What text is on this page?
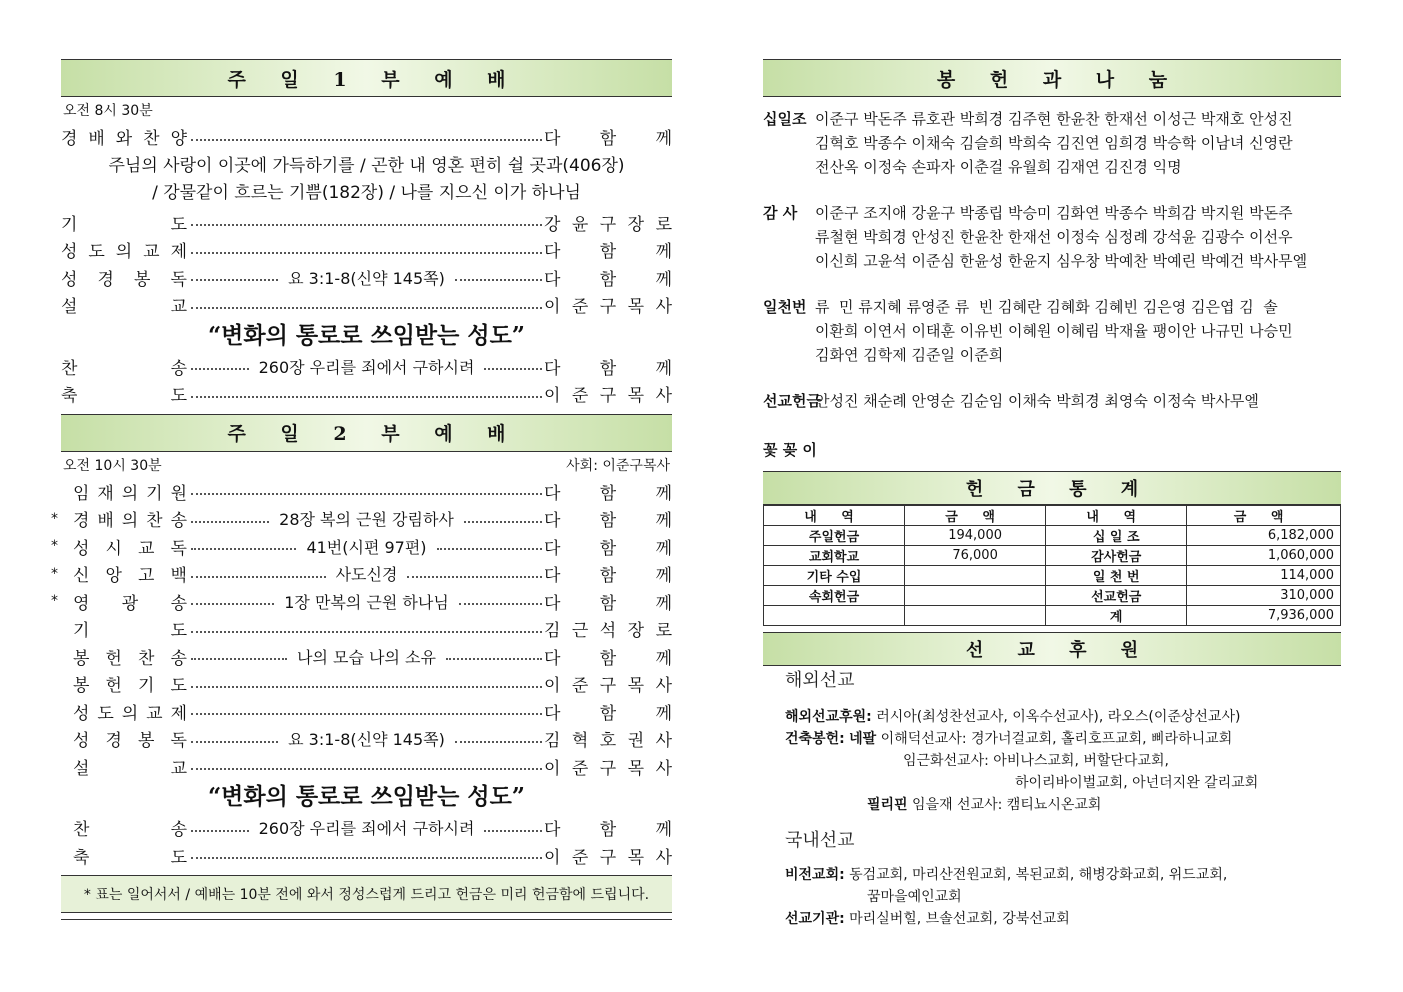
주 일 1 부 예 배
오전 8시 30분
경 배 와 찬 양	다 함 께
주님의 사랑이 이곳에 가득하기를 / 곤한 내 영혼 편히 쉴 곳과(406장)
/ 강물같이 흐르는 기쁨(182장) / 나를 지으신 이가 하나님
기	도	강 윤 구 장 로
성 도 의 교 제	다 함 께
성 경 봉 독	요 3:1-8(신약 145쪽)	다 함 께
설	교	이 준 구 목 사
“변화의 통로로 쓰임받는 성도”
찬	송	260장 우리를 죄에서 구하시려	다 함 께
축	도	이 준 구 목 사
주 일 2 부 예 배
오전 10시 30분	사회: 이준구목사
임 재 의 기 원	다 함 께
* 경 배 의 찬 송	28장 복의 근원 강림하사	다 함 께
* 성 시 교 독	41번(시편 97편)	다 함 께
* 신 앙 고 백	사도신경	다 함 께
* 영 광 송	1장 만복의 근원 하나님	다 함 께
기	도	김 근 석 장 로
봉 헌 찬 송	나의 모습 나의 소유	다 함 께
봉 헌 기 도	이 준 구 목 사
성 도 의 교 제	다 함 께
성 경 봉 독	요 3:1-8(신약 145쪽)	김 혁 호 권 사
설	교	이 준 구 목 사
“변화의 통로로 쓰임받는 성도”
찬	송	260장 우리를 죄에서 구하시려	다 함 께
축	도	이 준 구 목 사
* 표는 일어서서 / 예배는 10분 전에 와서 정성스럽게 드리고 헌금은 미리 헌금함에 드립니다.
봉 헌 과 나 눔
십일조 이준구 박돈주 류호관 박희경 김주현 한윤찬 한재선 이성근 박재호 안성진
김혁호 박종수 이채숙 김슬희 박희숙 김진연 임희경 박승학 이남녀 신영란
전산옥 이정숙 손파자 이춘걸 유월희 김재연 김진경 익명
감 사	이준구 조지애 강윤구 박종립 박승미 김화연 박종수 박희감 박지원 박돈주
류철현 박희경 안성진 한윤찬 한재선 이정숙 심정례 강석윤 김광수 이선우
이신희 고윤석 이준심 한윤성 한윤지 심우창 박예찬 박예린 박예건 박사무엘
일천번 류  민 류지혜 류영준 류  빈 김혜란 김혜화 김혜빈 김은영 김은엽 김  솔
이환희 이연서 이태훈 이유빈 이혜원 이혜림 박재율 팽이안 나규민 나승민
김화연 김학제 김준일 이준희
선교헌금
안성진 채순례 안영순 김순임 이채숙 박희경 최영숙 이정숙 박사무엘
꽃 꽂 이
헌 금 통 계
내 역	금 액	내 역	금 액
주일헌금	194,000	십 일 조	6,182,000
교회학교	76,000	감사헌금	1,060,000
기타 수입		일 천 번	114,000
속회헌금		선교헌금	310,000
		계	7,936,000
선 교 후 원
해외선교
해외선교후원: 러시아(최성찬선교사, 이옥수선교사), 라오스(이준상선교사)
건축봉헌: 네팔 이해덕선교사: 경가너걸교회, 홀리호프교회, 삐라하니교회
임근화선교사: 아비나스교회, 버할단다교회,
하이리바이벌교회, 아넌더지완 갈리교회
필리핀 임을재 선교사: 캠티뇨시온교회
국내선교
비전교회: 동검교회, 마리산전원교회, 복된교회, 해병강화교회, 위드교회,
꿈마을예인교회
선교기관: 마리실버힐, 브솔선교회, 강북선교회
